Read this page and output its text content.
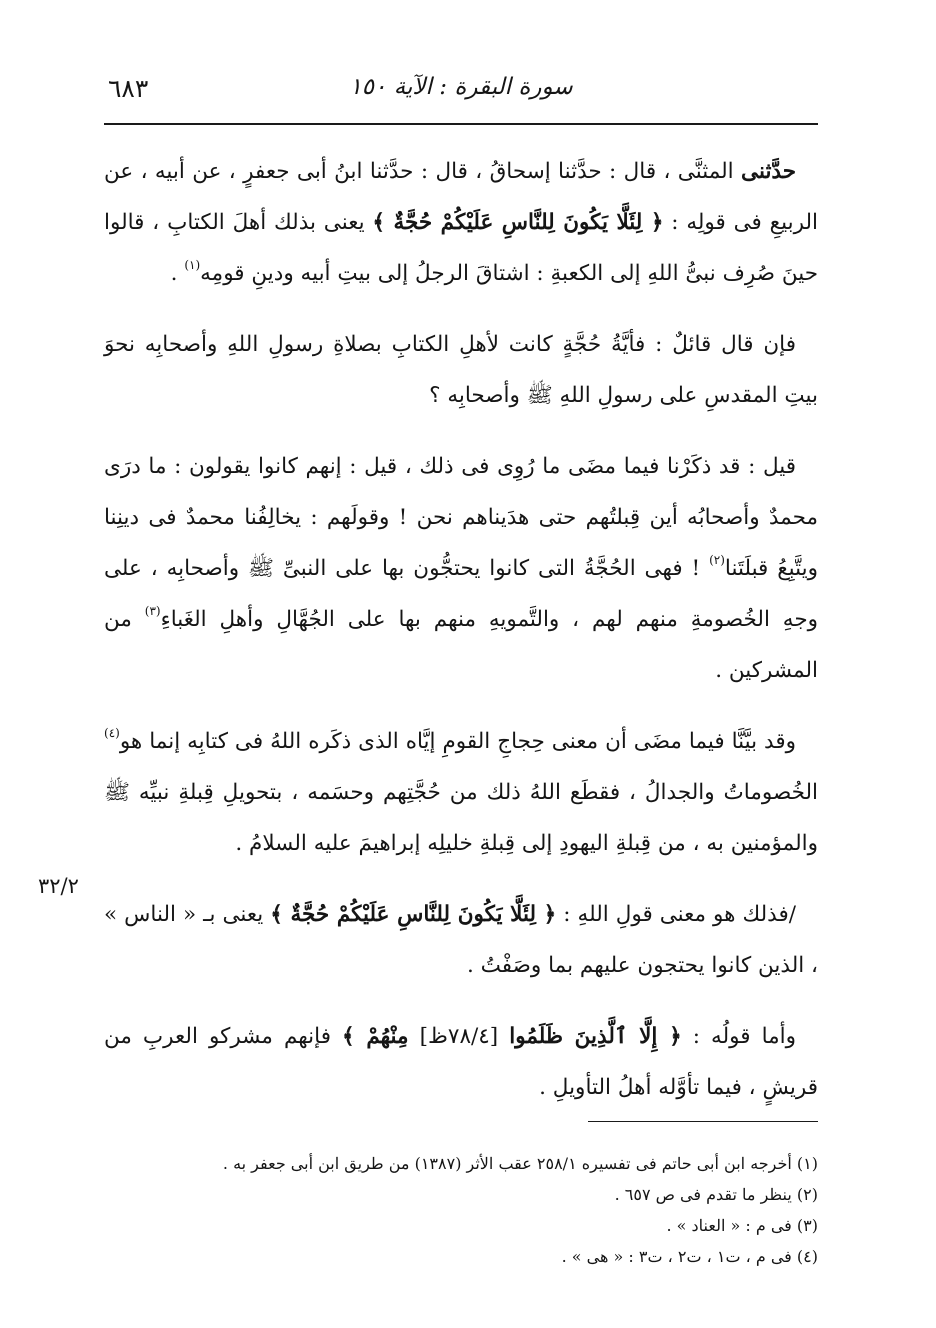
سورة البقرة : الآية ١٥٠
٦٨٣
٣٢/٢

حدَّثنى المثنَّى ، قال : حدَّثنا إسحاقُ ، قال : حدَّثنا ابنُ أبى جعفرٍ ، عن أبيه ، عن الربيعِ فى قولِه : ﴿ لِئَلَّا يَكُونَ لِلنَّاسِ عَلَيْكُمْ حُجَّةٌ ﴾ يعنى بذلك أهلَ الكتابِ ، قالوا حينَ صُرِف نبىُّ اللهِ إلى الكعبةِ : اشتاقَ الرجلُ إلى بيتِ أبيه ودينِ قومِه$^{(١)}$ .

فإن قال قائلٌ : فأيَّةُ حُجَّةٍ كانت لأهلِ الكتابِ بصلاةِ رسولِ اللهِ وأصحابِه نحوَ بيتِ المقدسِ على رسولِ اللهِ ﷺ وأصحابِه ؟

قيل : قد ذكَرْنا فيما مضَى ما رُوِى فى ذلك ، قيل : إنهم كانوا يقولون : ما درَى محمدٌ وأصحابُه أين قِبلتُهم حتى هدَيناهم نحن ! وقولَهم : يخالِفُنا محمدٌ فى دينِنا ويتَّبِعُ قبلَتَنا$^{(٢)}$ ! فهى الحُجَّةُ التى كانوا يحتجُّون بها على النبىِّ ﷺ وأصحابِه ، على وجهِ الخُصومةِ منهم لهم ، والتَّمويهِ منهم بها على الجُهَّالِ وأهلِ الغَباءِ$^{(٣)}$ من المشركين .

وقد بيَّنَّا فيما مضَى أن معنى حِجاجِ القومِ إيَّاه الذى ذكَره اللهُ فى كتابِه إنما هو$^{(٤)}$ الخُصوماتُ والجدالُ ، فقطَع اللهُ ذلك من حُجَّتِهم وحسَمه ، بتحويلِ قِبلةِ نبيِّه ﷺ والمؤمنين به ، من قِبلةِ اليهودِ إلى قِبلةِ خليلِه إبراهيمَ عليه السلامُ .

/فذلك هو معنى قولِ اللهِ : ﴿ لِئَلَّا يَكُونَ لِلنَّاسِ عَلَيْكُمْ حُجَّةٌ ﴾ يعنى بـ « الناس » ، الذين كانوا يحتجون عليهم بما وصَفْتُ .

وأما قولُه : ﴿ إِلَّا ٱلَّذِينَ ظَلَمُوا [٧٨/٤ظ] مِنْهُمْ ﴾ فإنهم مشركو العربِ من قريشٍ ، فيما تأوَّله أهلُ التأويلِ .

(١) أخرجه ابن أبى حاتم فى تفسيره ٢٥٨/١ عقب الأثر (١٣٨٧) من طريق ابن أبى جعفر به .
(٢) ينظر ما تقدم فى ص ٦٥٧ .
(٣) فى م : « العناد » .
(٤) فى م ، ت١ ، ت٢ ، ت٣ : « هى » .
